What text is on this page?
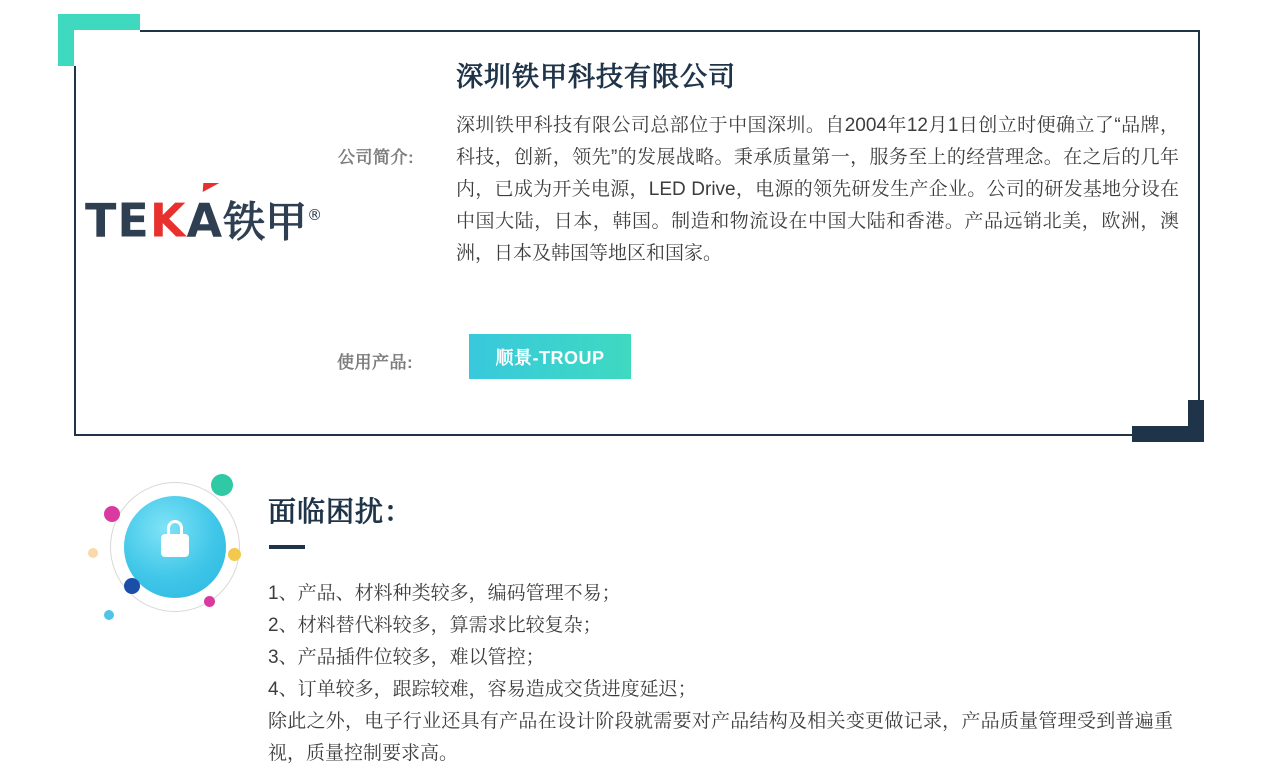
TEKA铁甲®
深圳铁甲科技有限公司
公司简介:
深圳铁甲科技有限公司总部位于中国深圳。自2004年12月1日创立时便确立了“品牌，科技，创新，领先”的发展战略。秉承质量第一，服务至上的经营理念。在之后的几年内，已成为开关电源，LED Drive，电源的领先研发生产企业。公司的研发基地分设在中国大陆，日本，韩国。制造和物流设在中国大陆和香港。产品远销北美，欧洲，澳洲，日本及韩国等地区和国家。
使用产品:	顺景-TROUP
面临困扰：
1、产品、材料种类较多，编码管理不易；
2、材料替代料较多，算需求比较复杂；
3、产品插件位较多，难以管控；
4、订单较多，跟踪较难，容易造成交货进度延迟；
除此之外，电子行业还具有产品在设计阶段就需要对产品结构及相关变更做记录，产品质量管理受到普遍重视，质量控制要求高。
